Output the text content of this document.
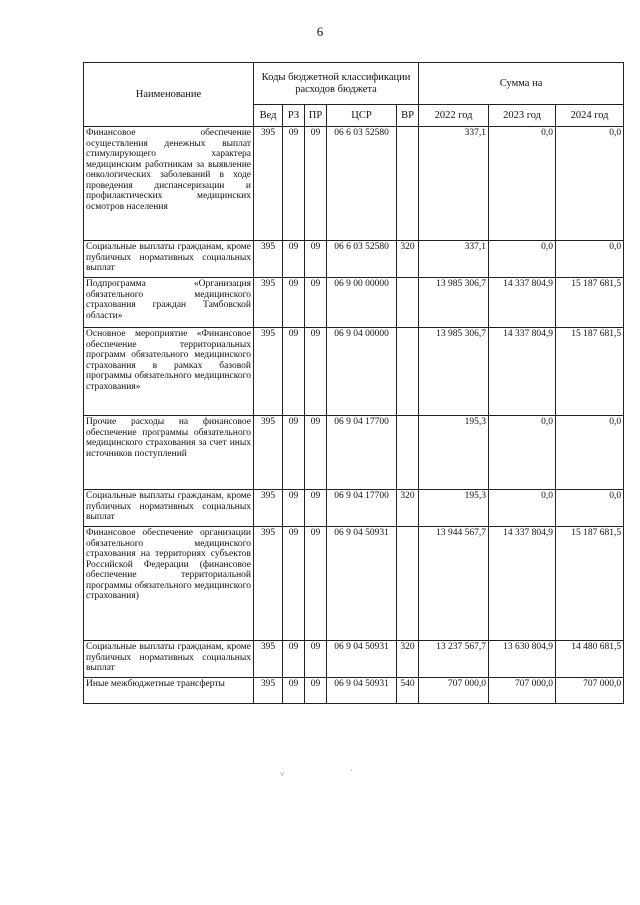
6
Наименование	Коды бюджетной классификации расходов бюджета					Сумма на		
	Вед	РЗ	ПР	ЦСР	ВР	2022 год	2023 год	2024 год
Финансовое обеспечение осуществления денежных выплат стимулирующего характера медицинским работникам за выявление онкологических заболеваний в ходе проведения диспансеризации и профилактических медицинских осмотров населения	395	09	09	06 6 03 52580		337,1	0,0	0,0
Социальные выплаты гражданам, кроме публичных нормативных социальных выплат	395	09	09	06 6 03 52580	320	337,1	0,0	0,0
Подпрограмма «Организация обязательного медицинского страхования граждан Тамбовской области»	395	09	09	06 9 00 00000		13 985 306,7	14 337 804,9	15 187 681,5
Основное мероприятие «Финансовое обеспечение территориальных программ обязательного медицинского страхования в рамках базовой программы обязательного медицинского страхования»	395	09	09	06 9 04 00000		13 985 306,7	14 337 804,9	15 187 681,5
Прочие расходы на финансовое обеспечение программы обязательного медицинского страхования за счет иных источников поступлений	395	09	09	06 9 04 17700		195,3	0,0	0,0
Социальные выплаты гражданам, кроме публичных нормативных социальных выплат	395	09	09	06 9 04 17700	320	195,3	0,0	0,0
Финансовое обеспечение организации обязательного медицинского страхования на территориях субъектов Российской Федерации (финансовое обеспечение территориальной программы обязательного медицинского страхования)	395	09	09	06 9 04 50931		13 944 567,7	14 337 804,9	15 187 681,5
Социальные выплаты гражданам, кроме публичных нормативных социальных выплат	395	09	09	06 9 04 50931	320	13 237 567,7	13 630 804,9	14 480 681,5
Иные межбюджетные трансферты	395	09	09	06 9 04 50931	540	707 000,0	707 000,0	707 000,0
˅	·
